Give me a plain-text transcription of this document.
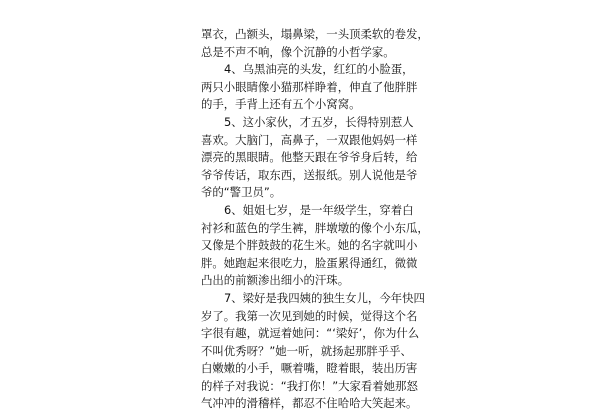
罩衣，凸额头，塌鼻梁，一头顶柔软的卷发，
总是不声不响，像个沉静的小哲学家。
4、乌黑油亮的头发，红红的小脸蛋，
两只小眼睛像小猫那样睁着，伸直了他胖胖
的手，手背上还有五个小窝窝。
5、这小家伙，才五岁，长得特别惹人
喜欢。大脑门，高鼻子，一双跟他妈妈一样
漂亮的黑眼睛。他整天跟在爷爷身后转，给
爷爷传话，取东西，送报纸。别人说他是爷
爷的“警卫员”。
6、姐姐七岁，是一年级学生，穿着白
衬衫和蓝色的学生裤，胖墩墩的像个小东瓜，
又像是个胖鼓鼓的花生米。她的名字就叫小
胖。她跑起来很吃力，脸蛋累得通红，微微
凸出的前额渗出细小的汗珠。
7、梁好是我四姨的独生女儿，今年快四
岁了。我第一次见到她的时候，觉得这个名
字很有趣，就逗着她问：“‘梁好’，你为什么
不叫优秀呀？”她一听，就扬起那胖乎乎、
白嫩嫩的小手，噘着嘴，瞪着眼，装出历害
的样子对我说：“我打你！”大家看着她那怒
气冲冲的滑稽样，都忍不住哈哈大笑起来。
